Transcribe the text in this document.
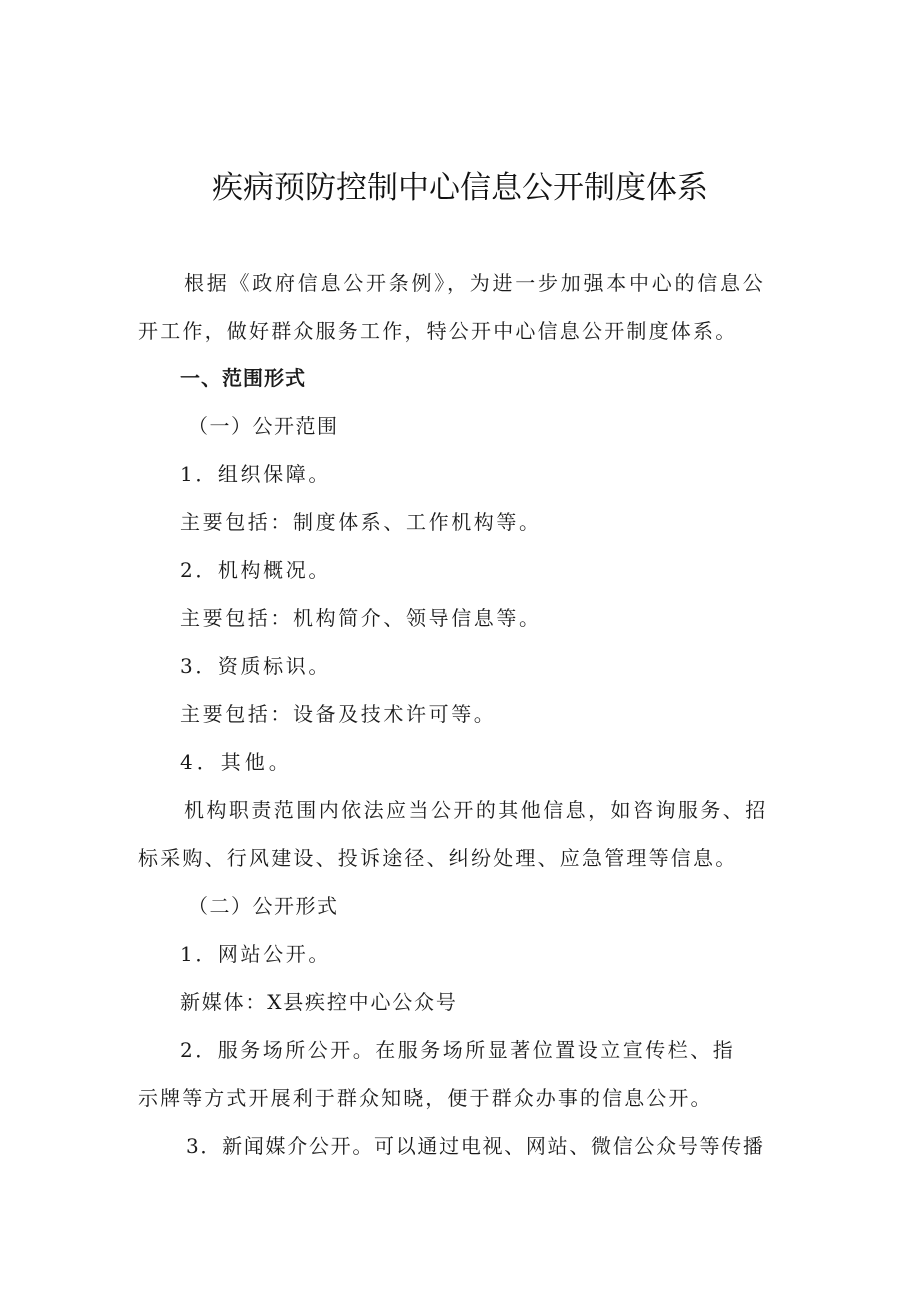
疾病预防控制中心信息公开制度体系

根据《政府信息公开条例》，为进一步加强本中心的信息公

开工作，做好群众服务工作，特公开中心信息公开制度体系。

一、范围形式

（一）公开范围

1．组织保障。

主要包括：制度体系、工作机构等。

2．机构概况。

主要包括：机构简介、领导信息等。

3．资质标识。

主要包括：设备及技术许可等。

4．其他。

机构职责范围内依法应当公开的其他信息，如咨询服务、招

标采购、行风建设、投诉途径、纠纷处理、应急管理等信息。

（二）公开形式

1．网站公开。

新媒体：X县疾控中心公众号

2．服务场所公开。在服务场所显著位置设立宣传栏、指

示牌等方式开展利于群众知晓，便于群众办事的信息公开。

3．新闻媒介公开。可以通过电视、网站、微信公众号等传播
